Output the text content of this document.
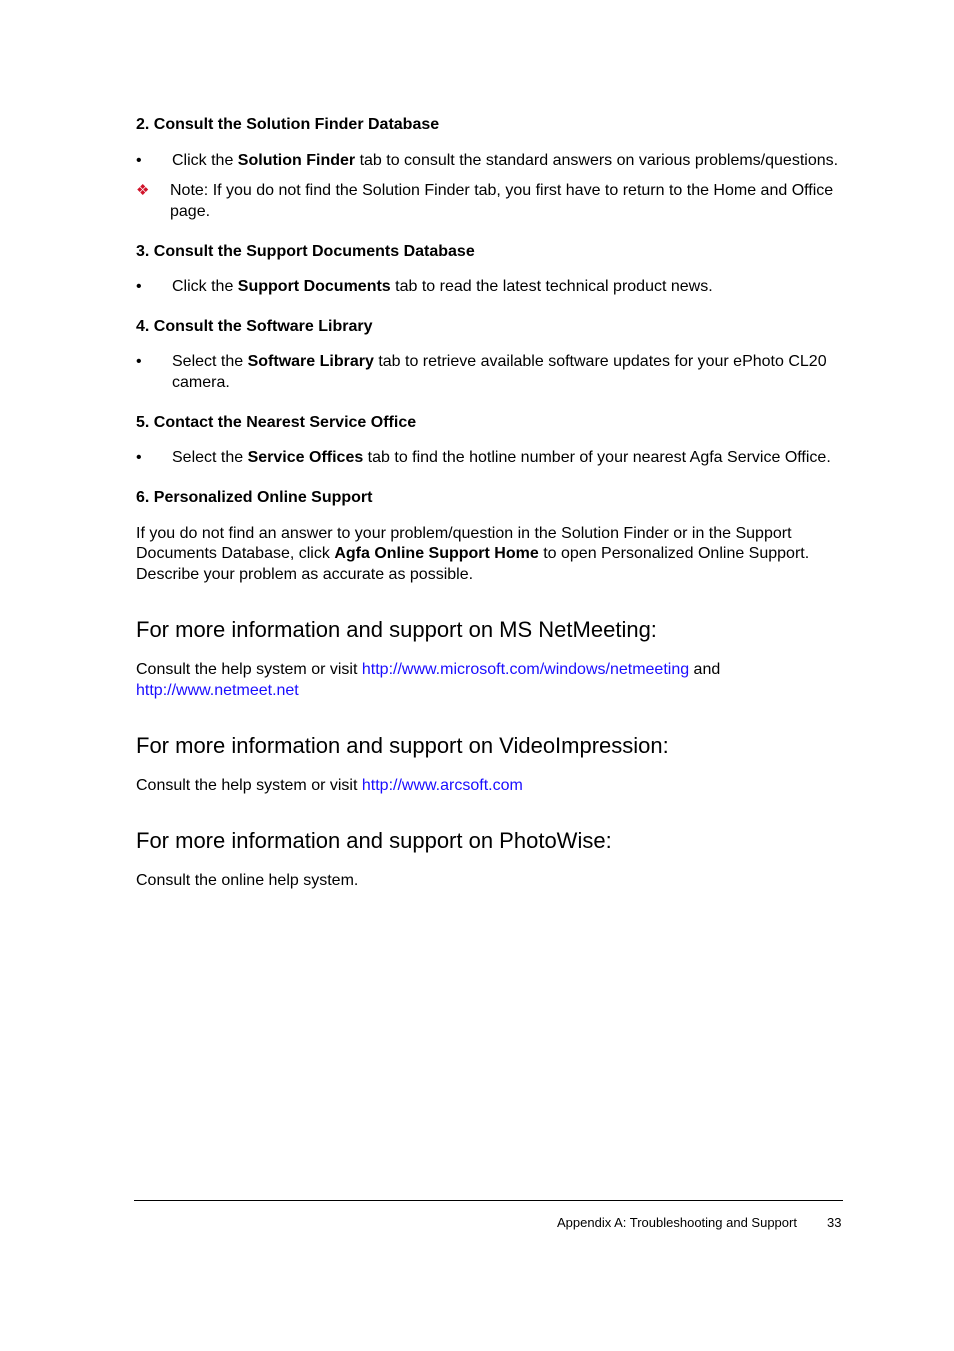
2. Consult the Solution Finder Database
• Click the Solution Finder tab to consult the standard answers on various problems/questions.
❖ Note: If you do not find the Solution Finder tab, you first have to return to the Home and Office
page.
3. Consult the Support Documents Database
• Click the Support Documents tab to read the latest technical product news.
4. Consult the Software Library
• Select the Software Library tab to retrieve available software updates for your ePhoto CL20
camera.
5. Contact the Nearest Service Office
• Select the Service Offices tab to find the hotline number of your nearest Agfa Service Office.
6. Personalized Online Support
If you do not find an answer to your problem/question in the Solution Finder or in the Support
Documents Database, click Agfa Online Support Home to open Personalized Online Support.
Describe your problem as accurate as possible.
For more information and support on MS NetMeeting:
Consult the help system or visit http://www.microsoft.com/windows/netmeeting and
http://www.netmeet.net
For more information and support on VideoImpression:
Consult the help system or visit http://www.arcsoft.com
For more information and support on PhotoWise:
Consult the online help system.
Appendix A: Troubleshooting and Support 33
